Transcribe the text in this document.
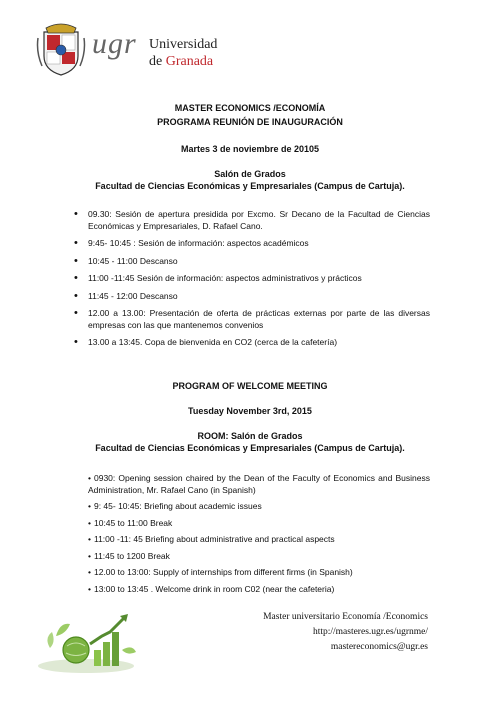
ugr Universidad
de Granada
MASTER ECONOMICS /ECONOMÍA
PROGRAMA REUNIÓN DE INAUGURACIÓN
Martes 3 de noviembre de 20105
Salón de Grados
Facultad de Ciencias Económicas y Empresariales (Campus de Cartuja).
• 09.30: Sesión de apertura presidida por Excmo. Sr Decano de la Facultad de Ciencias Económicas y Empresariales, D. Rafael Cano.
• 9:45- 10:45 : Sesión de información: aspectos académicos
• 10:45 - 11:00 Descanso
• 11:00 -11:45 Sesión de información: aspectos administrativos y prácticos
• 11:45 - 12:00 Descanso
• 12.00 a 13.00: Presentación de oferta de prácticas externas por parte de las diversas empresas con las que mantenemos convenios
• 13.00 a 13:45. Copa de bienvenida en CO2 (cerca de la cafetería)
PROGRAM OF WELCOME MEETING
Tuesday November 3rd, 2015
ROOM: Salón de Grados
Facultad de Ciencias Económicas y Empresariales (Campus de Cartuja).
• 0930: Opening session chaired by the Dean of the Faculty of Economics and Business Administration, Mr. Rafael Cano (in Spanish)
• 9: 45- 10:45: Briefing about academic issues
• 10:45 to 11:00 Break
• 11:00 -11: 45 Briefing about administrative and practical aspects
• 11:45 to 1200 Break
• 12.00 to 13:00: Supply of internships from different firms (in Spanish)
• 13:00 to 13:45 . Welcome drink in room C02 (near the cafeteria)
Master universitario Economía /Economics
http://masteres.ugr.es/ugrnme/
mastereconomics@ugr.es
